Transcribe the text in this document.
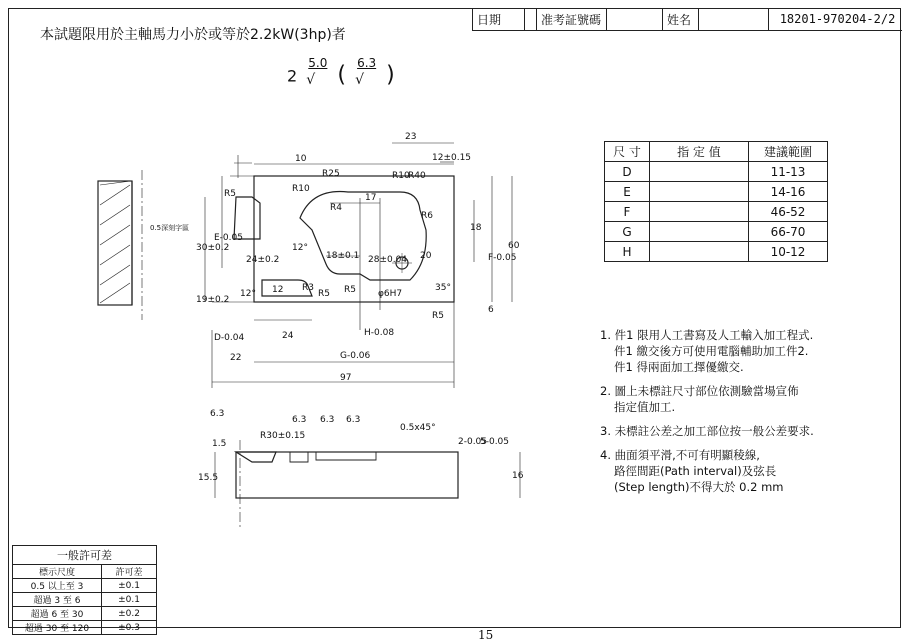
本試題限用於主軸馬力小於或等於2.2kW(3hp)者
日期	准考証號碼	姓名	18201-970204-2/2
2
5.0
√ ( 6.3
√ )
23
12±0.15
10
R25
R10
R10
R40
R5
R4
17
R6
18
F-0.05
60
30±0.2
E-0.05
24±0.2
12°
18±0.1 28±0.04 20
19±0.2
12 R3
R5 R5 φ6H7
35°
12°
R5
6
D-0.04	24	H-0.08
22	G-0.06
97
0.5深刻字區
6.3
R30±0.15
1.5
6.3 6.3 6.3
0.5x45°
2-0.05
5-0.05
15.5	16
尺 寸	指 定 值	建議範圍
D		11-13
E		14-16
F		46-52
G		66-70
H		10-12
1. 件1 限用人工書寫及人工輸入加工程式.
件1 繳交後方可使用電腦輔助加工件2.
件1 得兩面加工擇優繳交.
2. 圖上未標註尺寸部位依測驗當場宣佈
指定值加工.
3. 未標註公差之加工部位按一般公差要求.
4. 曲面須平滑,不可有明顯稜線,
路徑間距(Path interval)及弦長
(Step length)不得大於 0.2 mm
一般許可差	
標示尺度	許可差
0.5 以上至 3	±0.1
超過 3 至 6	±0.1
超過 6 至 30	±0.2
超過 30 至 120	±0.3
15
